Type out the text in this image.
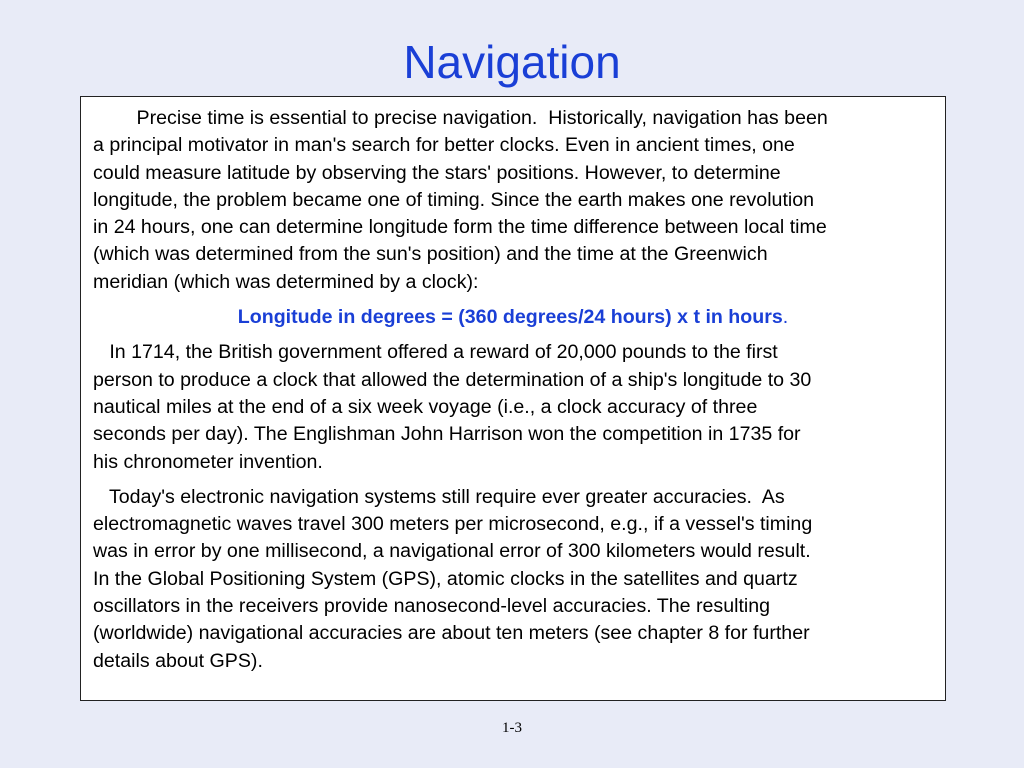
Navigation

Precise time is essential to precise navigation.  Historically, navigation has been
a principal motivator in man's search for better clocks. Even in ancient times, one
could measure latitude by observing the stars' positions. However, to determine
longitude, the problem became one of timing. Since the earth makes one revolution
in 24 hours, one can determine longitude form the time difference between local time
(which was determined from the sun's position) and the time at the Greenwich
meridian (which was determined by a clock):

Longitude in degrees = (360 degrees/24 hours) x t in hours.

In 1714, the British government offered a reward of 20,000 pounds to the first
person to produce a clock that allowed the determination of a ship's longitude to 30
nautical miles at the end of a six week voyage (i.e., a clock accuracy of three
seconds per day). The Englishman John Harrison won the competition in 1735 for
his chronometer invention.

Today's electronic navigation systems still require ever greater accuracies.  As
electromagnetic waves travel 300 meters per microsecond, e.g., if a vessel's timing
was in error by one millisecond, a navigational error of 300 kilometers would result.
In the Global Positioning System (GPS), atomic clocks in the satellites and quartz
oscillators in the receivers provide nanosecond-level accuracies. The resulting
(worldwide) navigational accuracies are about ten meters (see chapter 8 for further
details about GPS).

1-3
